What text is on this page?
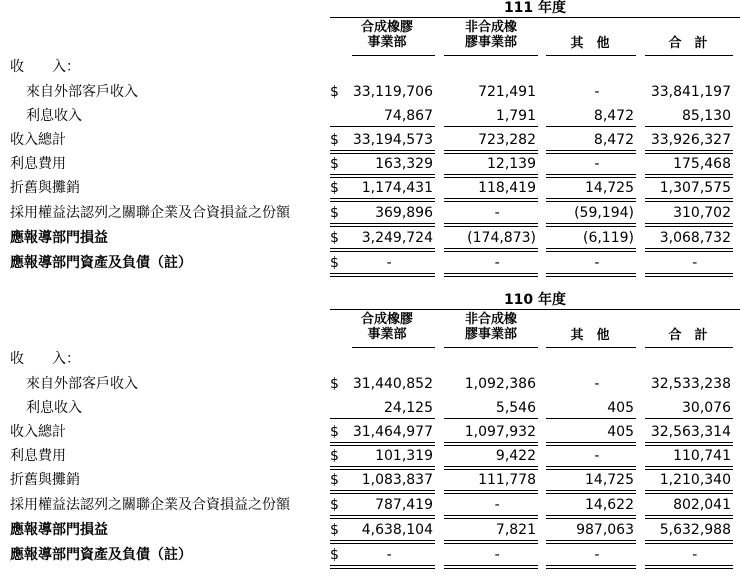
111 年度
合成橡膠
事業部
非合成橡
膠事業部	其　他	合　計
收　　入：
來自外部客戶收入	$ 33,119,706	721,491	-	33,841,197
利息收入	74,867	1,791	8,472	85,130
收入總計	$ 33,194,573	723,282	8,472 33,926,327
利息費用	$	163,329	12,139	-	175,468
折舊與攤銷	$ 1,174,431	118,419	14,725 1,307,575
採用權益法認列之關聯企業及合資損益之份額	$	369,896	-	(59,194)	310,702
應報導部門損益	$ 3,249,724 (174,873)	(6,119) 3,068,732
應報導部門資產及負債（註）	$	-	-	-	-
110 年度
合成橡膠
事業部
非合成橡
膠事業部	其　他	合　計
收　　入：
來自外部客戶收入	$ 31,440,852 1,092,386	-	32,533,238
利息收入	24,125	5,546	405	30,076
收入總計	$ 31,464,977 1,097,932	405 32,563,314
利息費用	$	101,319	9,422	-	110,741
折舊與攤銷	$ 1,083,837	111,778	14,725 1,210,340
採用權益法認列之關聯企業及合資損益之份額	$	787,419	-	14,622	802,041
應報導部門損益	$ 4,638,104	7,821	987,063 5,632,988
應報導部門資產及負債（註）	$	-	-	-	-
